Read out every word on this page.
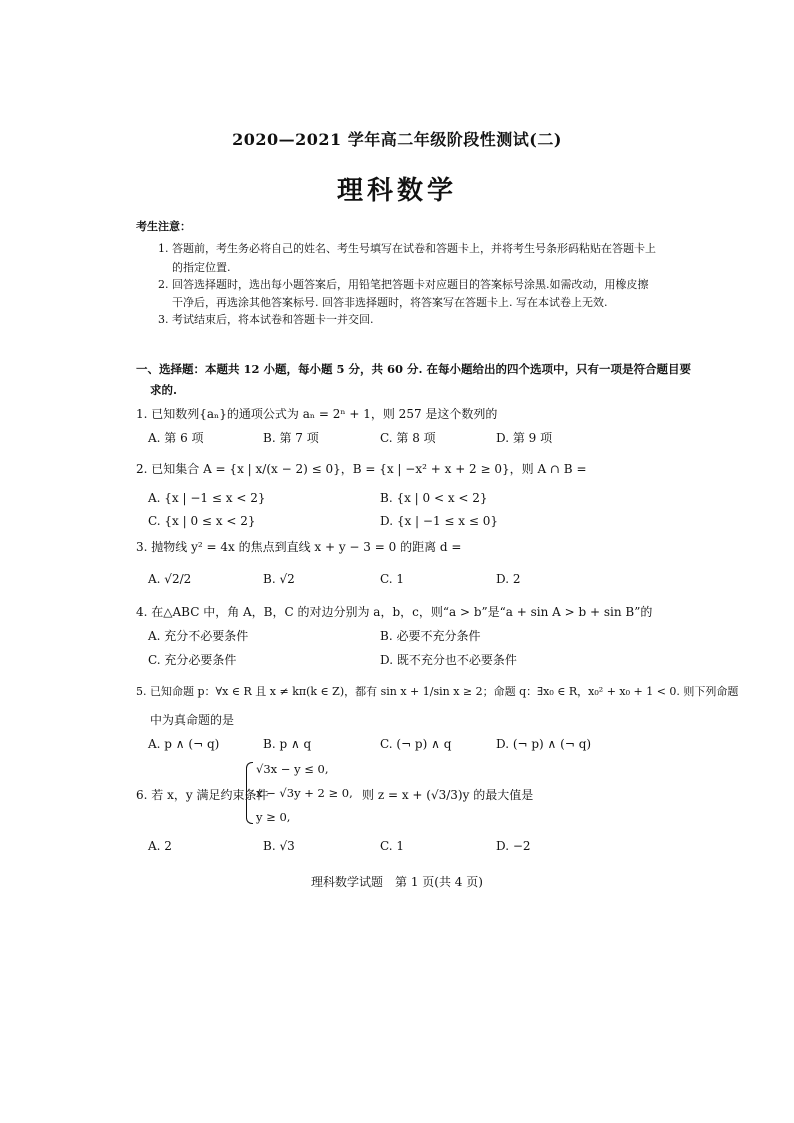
2020—2021 学年高二年级阶段性测试(二)
理科数学
考生注意：
1. 答题前，考生务必将自己的姓名、考生号填写在试卷和答题卡上，并将考生号条形码粘贴在答题卡上
的指定位置.
2. 回答选择题时，选出每小题答案后，用铅笔把答题卡对应题目的答案标号涂黑.如需改动，用橡皮擦
干净后，再选涂其他答案标号. 回答非选择题时，将答案写在答题卡上. 写在本试卷上无效.
3. 考试结束后，将本试卷和答题卡一并交回.
一、选择题：本题共 12 小题，每小题 5 分，共 60 分. 在每小题给出的四个选项中，只有一项是符合题目要
求的.
1. 已知数列{aₙ}的通项公式为 aₙ = 2ⁿ + 1，则 257 是这个数列的
A. 第 6 项	B. 第 7 项	C. 第 8 项	D. 第 9 项
2. 已知集合 A = {x | x/(x − 2) ≤ 0}，B = {x | −x² + x + 2 ≥ 0}，则 A ∩ B =
A. {x | −1 ≤ x < 2}	B. {x | 0 < x < 2}
C. {x | 0 ≤ x < 2}	D. {x | −1 ≤ x ≤ 0}
3. 抛物线 y² = 4x 的焦点到直线 x + y − 3 = 0 的距离 d =
A. √2/2	B. √2	C. 1	D. 2
4. 在△ABC 中，角 A，B，C 的对边分别为 a，b，c，则“a > b”是“a + sin A > b + sin B”的
A. 充分不必要条件	B. 必要不充分条件
C. 充分必要条件	D. 既不充分也不必要条件
5. 已知命题 p：∀x ∈ R 且 x ≠ kπ(k ∈ Z)，都有 sin x + 1/sin x ≥ 2；命题 q：∃x₀ ∈ R，x₀² + x₀ + 1 < 0. 则下列命题
中为真命题的是
A. p ∧ (¬ q)	B. p ∧ q	C. (¬ p) ∧ q	D. (¬ p) ∧ (¬ q)
6. 若 x，y 满足约束条件
√3x − y ≤ 0,
x − √3y + 2 ≥ 0,
y ≥ 0,
则 z = x + (√3/3)y 的最大值是
A. 2	B. √3	C. 1	D. −2
理科数学试题　第 1 页(共 4 页)
